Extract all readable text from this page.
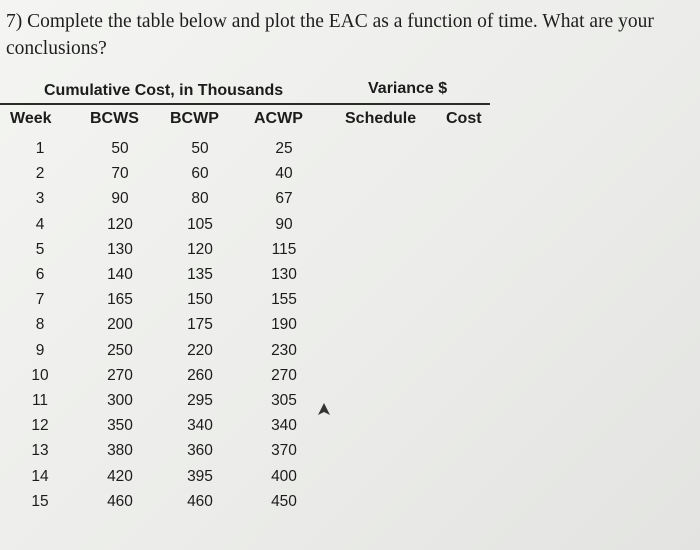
7) Complete the table below and plot the EAC as a function of time. What are your conclusions?

Cumulative Cost, in Thousands	Variance $
Week BCWS BCWP ACWP	Schedule Cost
1	50	50	25
2	70	60	40
3	90	80	67
4	120	105	90
5	130	120	115
6	140	135	130
7	165	150	155
8	200	175	190
9	250	220	230
10	270	260	270
11	300	295	305
12	350	340	340
13	380	360	370
14	420	395	400
15	460	460	450
